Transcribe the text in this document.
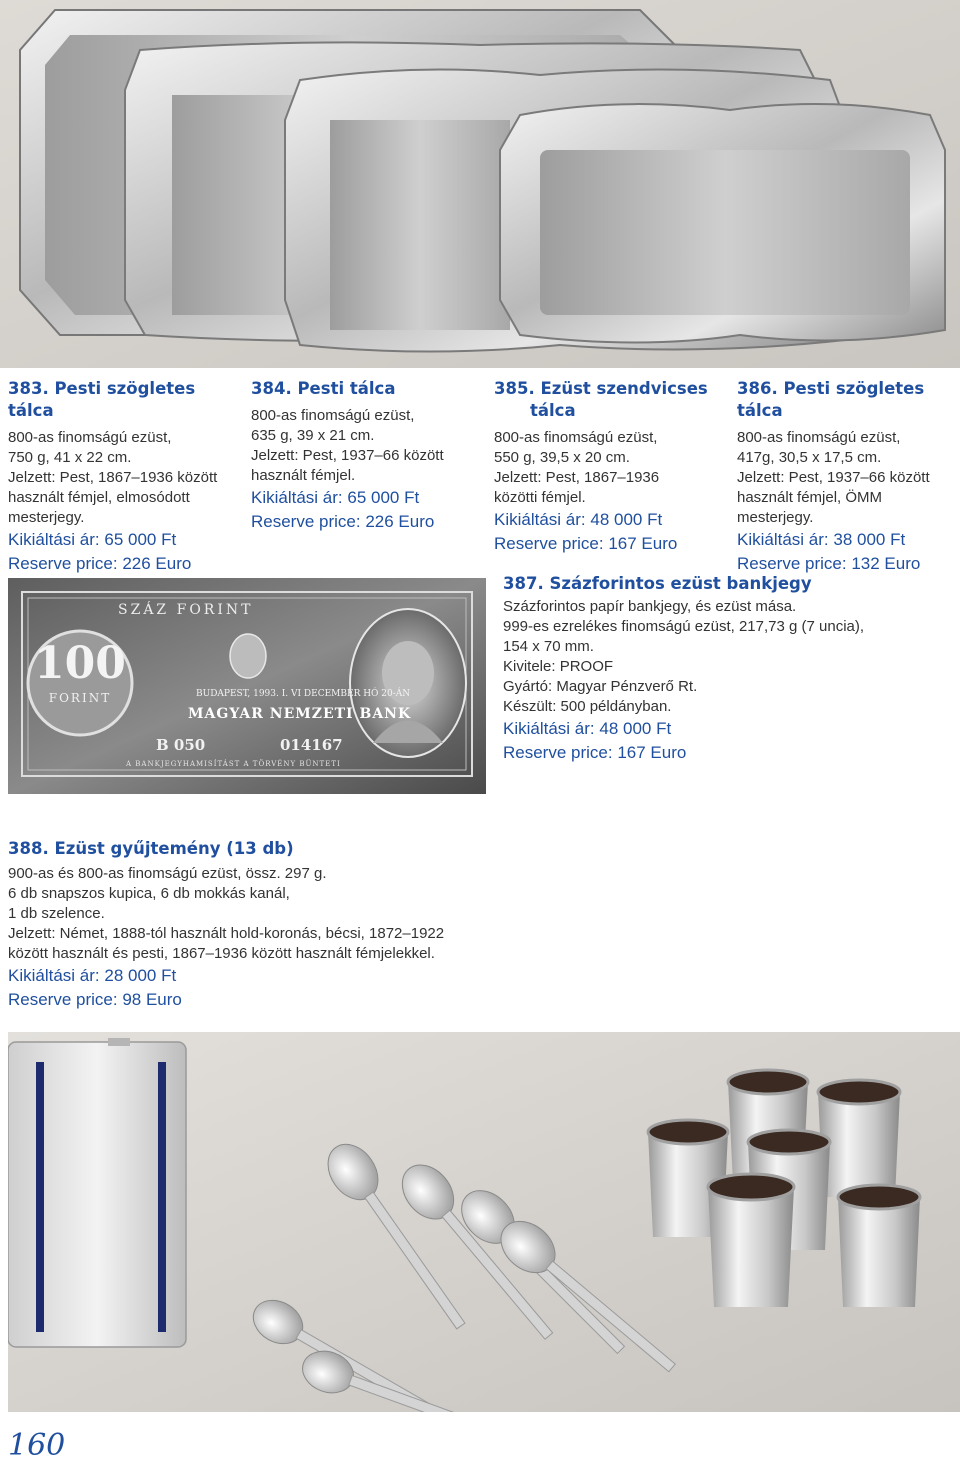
383. Pesti szögletes tálca
800-as finomságú ezüst,
750 g, 41 x 22 cm.
Jelzett: Pest, 1867–1936 között
használt fémjel, elmosódott
mesterjegy.
Kikiáltási ár: 65 000 Ft
Reserve price: 226 Euro
384. Pesti tálca
800-as finomságú ezüst,
635 g, 39 x 21 cm.
Jelzett: Pest, 1937–66 között
használt fémjel.
Kikiáltási ár: 65 000 Ft
Reserve price: 226 Euro
385. Ezüst szendvicses
tálca
800-as finomságú ezüst,
550 g, 39,5 x 20 cm.
Jelzett: Pest, 1867–1936
közötti fémjel.
Kikiáltási ár: 48 000 Ft
Reserve price: 167 Euro
386. Pesti szögletes tálca
800-as finomságú ezüst,
417g, 30,5 x 17,5 cm.
Jelzett: Pest, 1937–66 között
használt fémjel, ÖMM
mesterjegy.
Kikiáltási ár: 38 000 Ft
Reserve price: 132 Euro
SZÁZ FORINT
100
FORINT	BUDAPEST, 1993. I. VI DECEMBER HÓ 20-ÁN
MAGYAR NEMZETI BANK
B 050	014167
A BANKJEGYHAMISÍTÁST A TÖRVÉNY BÜNTETI
387. Százforintos ezüst bankjegy
Százforintos papír bankjegy, és ezüst mása.
999-es ezrelékes finomságú ezüst, 217,73 g (7 uncia),
154 x 70 mm.
Kivitele: PROOF
Gyártó: Magyar Pénzverő Rt.
Készült: 500 példányban.
Kikiáltási ár: 48 000 Ft
Reserve price: 167 Euro
388. Ezüst gyűjtemény (13 db)
900-as és 800-as finomságú ezüst, össz. 297 g.
6 db snapszos kupica, 6 db mokkás kanál,
1 db szelence.
Jelzett: Német, 1888-tól használt hold-koronás, bécsi, 1872–1922
között használt és pesti, 1867–1936 között használt fémjelekkel.
Kikiáltási ár: 28 000 Ft
Reserve price: 98 Euro
160
